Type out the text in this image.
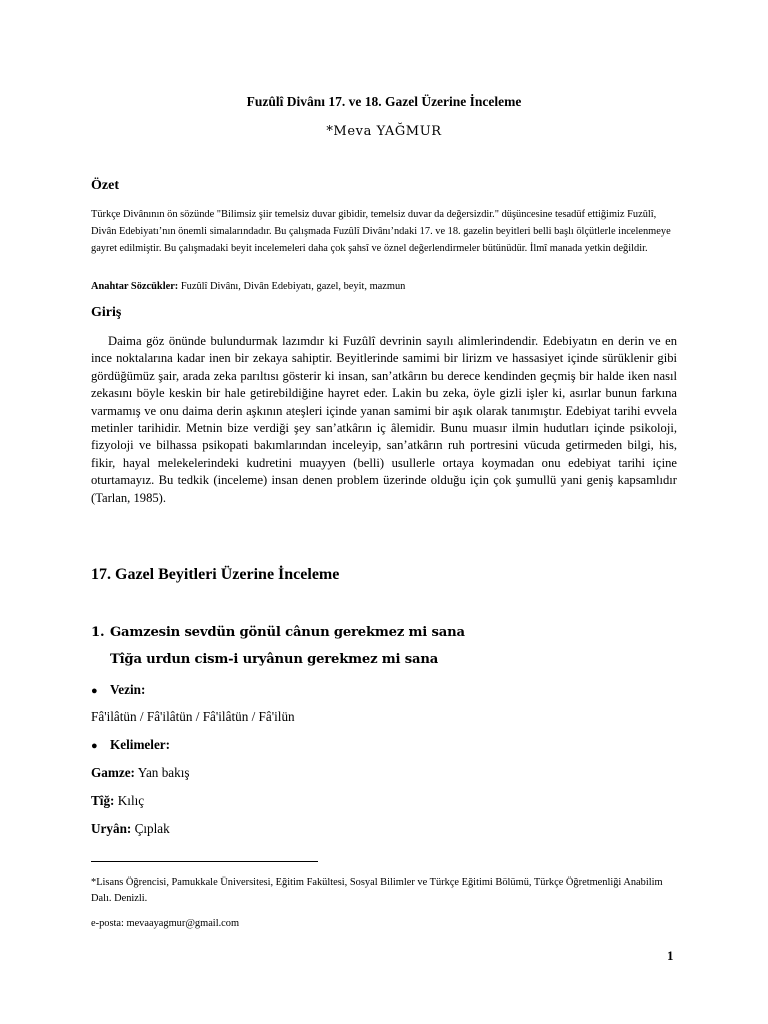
Fuzûlî Divânı 17. ve 18. Gazel Üzerine İnceleme
*Meva YAĞMUR
Özet

Türkçe Divânının ön sözünde "Bilimsiz şiir temelsiz duvar gibidir, temelsiz duvar da değersizdir." düşüncesine tesadüf ettiğimiz Fuzûlî, Divân Edebiyatı’nın önemli simalarındadır. Bu çalışmada Fuzûlî Divânı’ndaki 17. ve 18. gazelin beyitleri belli başlı ölçütlerle incelenmeye gayret edilmiştir. Bu çalışmadaki beyit incelemeleri daha çok şahsî ve öznel değerlendirmeler bütünüdür. İlmî manada yetkin değildir.

Anahtar Sözcükler: Fuzûlî Divânı, Divân Edebiyatı, gazel, beyit, mazmun

Giriş

Daima göz önünde bulundurmak lazımdır ki Fuzûlî devrinin sayılı alimlerindendir. Edebiyatın en derin ve en ince noktalarına kadar inen bir zekaya sahiptir. Beyitlerinde samimi bir lirizm ve hassasiyet içinde sürüklenir gibi gördüğümüz şair, arada zeka parıltısı gösterir ki insan, san’atkârın bu derece kendinden geçmiş bir halde iken nasıl zekasını böyle keskin bir hale getirebildiğine hayret eder. Lakin bu zeka, öyle gizli işler ki, asırlar bunun farkına varmamış ve onu daima derin aşkının ateşleri içinde yanan samimi bir aşık olarak tanımıştır. Edebiyat tarihi evvela metinler tarihidir. Metnin bize verdiği şey san’atkârın iç âlemidir. Bunu muasır ilmin hudutları içinde psikoloji, fizyoloji ve bilhassa psikopati bakımlarından inceleyip, san’atkârın ruh portresini vücuda getirmeden bilgi, his, fikir, hayal melekelerindeki kudretini muayyen (belli) usullerle ortaya koymadan onu edebiyat tarihi içine oturtamayız. Bu tedkik (inceleme) insan denen problem üzerinde olduğu için çok şumullü yani geniş kapsamlıdır (Tarlan, 1985).

17. Gazel Beyitleri Üzerine İnceleme
1. Gamzesin sevdün gönül cânun gerekmez mi sana
Tîğa urdun cism-i uryânun gerekmez mi sana
● Vezin:
Fâ'ilâtün / Fâ'ilâtün / Fâ'ilâtün / Fâ'ilün
● Kelimeler:
Gamze: Yan bakış
Tîğ: Kılıç
Uryân: Çıplak

*Lisans Öğrencisi, Pamukkale Üniversitesi, Eğitim Fakültesi, Sosyal Bilimler ve Türkçe Eğitimi Bölümü, Türkçe Öğretmenliği Anabilim Dalı. Denizli.

e-posta: mevaayagmur@gmail.com
1
